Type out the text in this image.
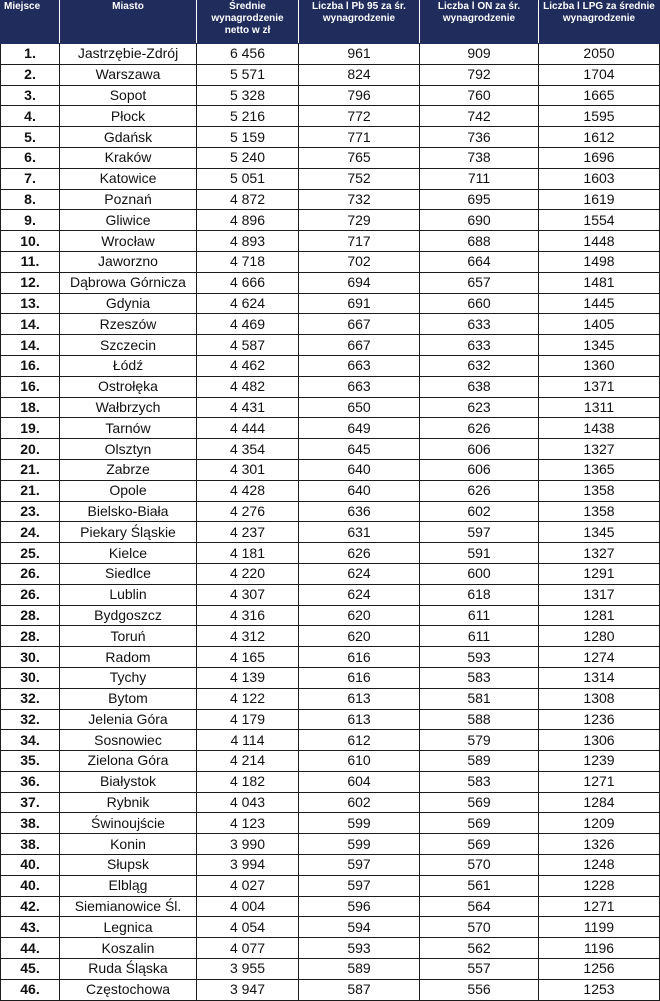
Miejsce	Miasto	Średnie wynagrodzenie netto w zł	Liczba l Pb 95 za śr. wynagrodzenie	Liczba l ON za śr. wynagrodzenie	Liczba l LPG za średnie wynagrodzenie
1.	Jastrzębie-Zdrój	6 456	961	909	2050
2.	Warszawa	5 571	824	792	1704
3.	Sopot	5 328	796	760	1665
4.	Płock	5 216	772	742	1595
5.	Gdańsk	5 159	771	736	1612
6.	Kraków	5 240	765	738	1696
7.	Katowice	5 051	752	711	1603
8.	Poznań	4 872	732	695	1619
9.	Gliwice	4 896	729	690	1554
10.	Wrocław	4 893	717	688	1448
11.	Jaworzno	4 718	702	664	1498
12.	Dąbrowa Górnicza	4 666	694	657	1481
13.	Gdynia	4 624	691	660	1445
14.	Rzeszów	4 469	667	633	1405
14.	Szczecin	4 587	667	633	1345
16.	Łódź	4 462	663	632	1360
16.	Ostrołęka	4 482	663	638	1371
18.	Wałbrzych	4 431	650	623	1311
19.	Tarnów	4 444	649	626	1438
20.	Olsztyn	4 354	645	606	1327
21.	Zabrze	4 301	640	606	1365
21.	Opole	4 428	640	626	1358
23.	Bielsko-Biała	4 276	636	602	1358
24.	Piekary Śląskie	4 237	631	597	1345
25.	Kielce	4 181	626	591	1327
26.	Siedlce	4 220	624	600	1291
26.	Lublin	4 307	624	618	1317
28.	Bydgoszcz	4 316	620	611	1281
28.	Toruń	4 312	620	611	1280
30.	Radom	4 165	616	593	1274
30.	Tychy	4 139	616	583	1314
32.	Bytom	4 122	613	581	1308
32.	Jelenia Góra	4 179	613	588	1236
34.	Sosnowiec	4 114	612	579	1306
35.	Zielona Góra	4 214	610	589	1239
36.	Białystok	4 182	604	583	1271
37.	Rybnik	4 043	602	569	1284
38.	Świnoujście	4 123	599	569	1209
38.	Konin	3 990	599	569	1326
40.	Słupsk	3 994	597	570	1248
40.	Elbląg	4 027	597	561	1228
42.	Siemianowice Śl.	4 004	596	564	1271
43.	Legnica	4 054	594	570	1199
44.	Koszalin	4 077	593	562	1196
45.	Ruda Śląska	3 955	589	557	1256
46.	Częstochowa	3 947	587	556	1253
